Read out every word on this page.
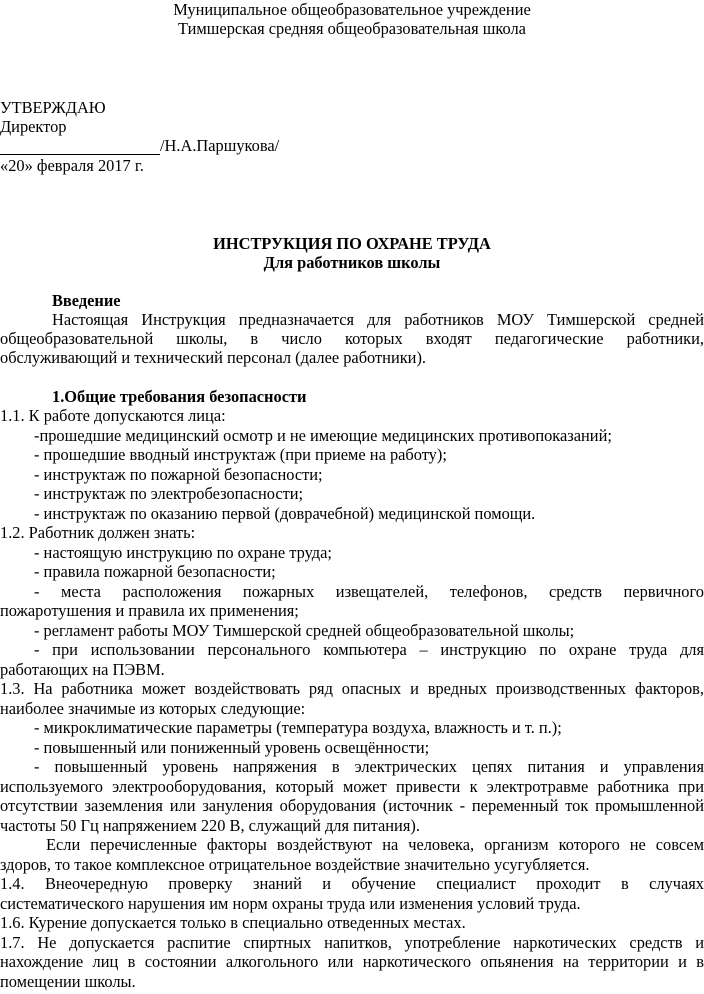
Муниципальное общеобразовательное учреждение
Тимшерская средняя общеобразовательная школа
УТВЕРЖДАЮ
Директор
/Н.А.Паршукова/
«20» февраля 2017 г.
ИНСТРУКЦИЯ ПО ОХРАНЕ ТРУДА
Для работников школы
Введение
Настоящая Инструкция предназначается для работников МОУ Тимшерской средней
общеобразовательной школы, в число которых входят педагогические работники,
обслуживающий и технический персонал (далее работники).
1.Общие требования безопасности
1.1. К работе допускаются лица:
-прошедшие медицинский осмотр и не имеющие медицинских противопоказаний;
- прошедшие вводный инструктаж (при приеме на работу);
- инструктаж по пожарной безопасности;
- инструктаж по электробезопасности;
- инструктаж по оказанию первой (доврачебной) медицинской помощи.
1.2. Работник должен знать:
- настоящую инструкцию по охране труда;
- правила пожарной безопасности;
- места расположения пожарных извещателей, телефонов, средств первичного
пожаротушения и правила их применения;
- регламент работы МОУ Тимшерской средней общеобразовательной школы;
- при использовании персонального компьютера – инструкцию по охране труда для
работающих на ПЭВМ.
1.3. На работника может воздействовать ряд опасных и вредных производственных факторов,
наиболее значимые из которых следующие:
- микроклиматические параметры (температура воздуха, влажность и т. п.);
- повышенный или пониженный уровень освещённости;
- повышенный уровень напряжения в электрических цепях питания и управления
используемого электрооборудования, который может привести к электротравме работника при
отсутствии заземления или зануления оборудования (источник - переменный ток промышленной
частоты 50 Гц напряжением 220 В, служащий для питания).
Если перечисленные факторы воздействуют на человека, организм которого не совсем
здоров, то такое комплексное отрицательное воздействие значительно усугубляется.
1.4. Внеочередную проверку знаний и обучение специалист проходит в случаях
систематического нарушения им норм охраны труда или изменения условий труда.
1.6. Курение допускается только в специально отведенных местах.
1.7. Не допускается распитие спиртных напитков, употребление наркотических средств и
нахождение лиц в состоянии алкогольного или наркотического опьянения на территории и в
помещении школы.
